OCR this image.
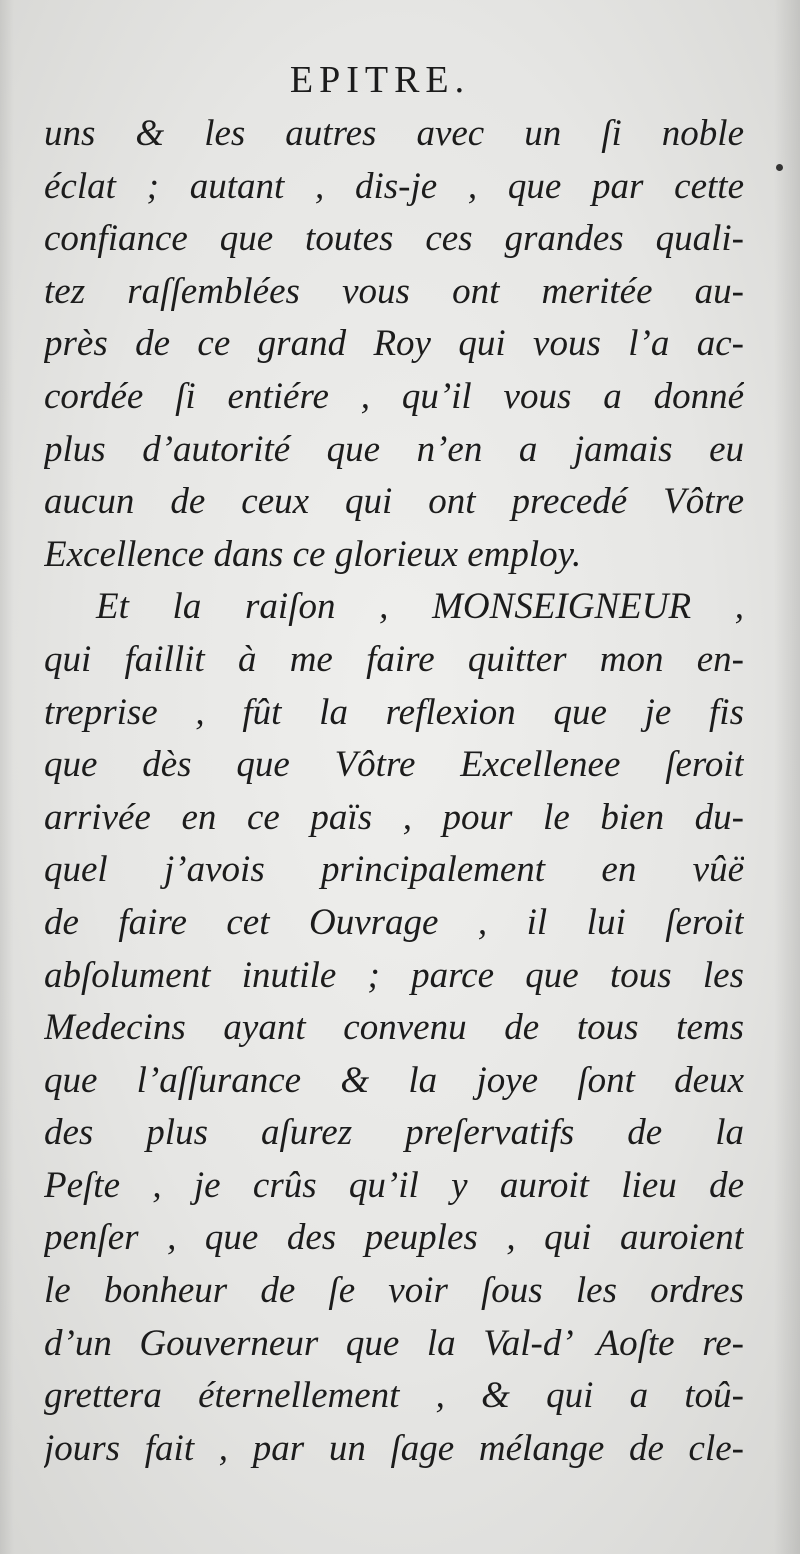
EPITRE.
uns & les autres avec un ſi noble
éclat ; autant , dis-je , que par cette
confiance que toutes ces grandes quali-
tez raſſemblées vous ont meritée au-
près de ce grand Roy qui vous l’a ac-
cordée ſi entiére , qu’il vous a donné
plus d’autorité que n’en a jamais eu
aucun de ceux qui ont precedé Vôtre
Excellence dans ce glorieux employ.
Et la raiſon , MONSEIGNEUR ,
qui faillit à me faire quitter mon en-
treprise , fût la reflexion que je fis
que dès que Vôtre Excellenee ſeroit
arrivée en ce païs , pour le bien du-
quel j’avois principalement en vûë
de faire cet Ouvrage , il lui ſeroit
abſolument inutile ; parce que tous les
Medecins ayant convenu de tous tems
que l’aſſurance & la joye ſont deux
des plus aſurez preſervatifs de la
Peſte , je crûs qu’il y auroit lieu de
penſer , que des peuples , qui auroient
le bonheur de ſe voir ſous les ordres
d’un Gouverneur que la Val-d’ Aoſte re-
grettera éternellement , & qui a toû-
jours fait , par un ſage mélange de cle-
